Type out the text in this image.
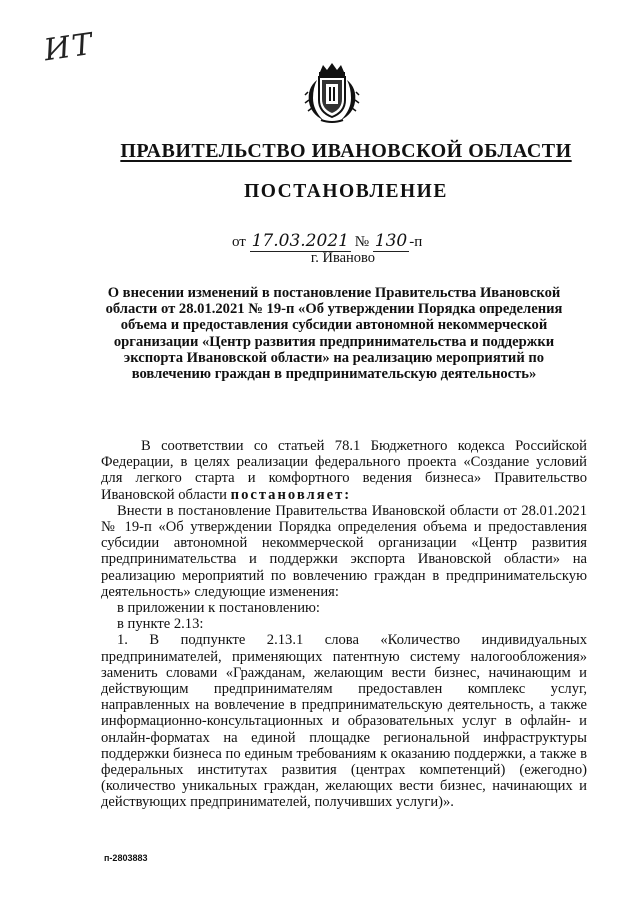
ИТ
ПРАВИТЕЛЬСТВО ИВАНОВСКОЙ ОБЛАСТИ
ПОСТАНОВЛЕНИЕ
от 17.03.2021 № 130 -п
г. Иваново
О внесении изменений в постановление Правительства Ивановской области от 28.01.2021 № 19-п «Об утверждении Порядка определения объема и предоставления субсидии автономной некоммерческой организации «Центр развития предпринимательства и поддержки экспорта Ивановской области» на реализацию мероприятий по вовлечению граждан в предпринимательскую деятельность»

В соответствии со статьей 78.1 Бюджетного кодекса Российской Федерации, в целях реализации федерального проекта «Создание условий для легкого старта и комфортного ведения бизнеса» Правительство Ивановской области постановляет:

Внести в постановление Правительства Ивановской области от 28.01.2021 № 19-п «Об утверждении Порядка определения объема и предоставления субсидии автономной некоммерческой организации «Центр развития предпринимательства и поддержки экспорта Ивановской области» на реализацию мероприятий по вовлечению граждан в предпринимательскую деятельность» следующие изменения:

в приложении к постановлению:

в пункте 2.13:

1. В подпункте 2.13.1 слова «Количество индивидуальных предпринимателей, применяющих патентную систему налогообложения» заменить словами «Гражданам, желающим вести бизнес, начинающим и действующим предпринимателям предоставлен комплекс услуг, направленных на вовлечение в предпринимательскую деятельность, а также информационно-консультационных и образовательных услуг в офлайн- и онлайн-форматах на единой площадке региональной инфраструктуры поддержки бизнеса по единым требованиям к оказанию поддержки, а также в федеральных институтах развития (центрах компетенций) (ежегодно) (количество уникальных граждан, желающих вести бизнес, начинающих и действующих предпринимателей, получивших услуги)».

п-2803883
